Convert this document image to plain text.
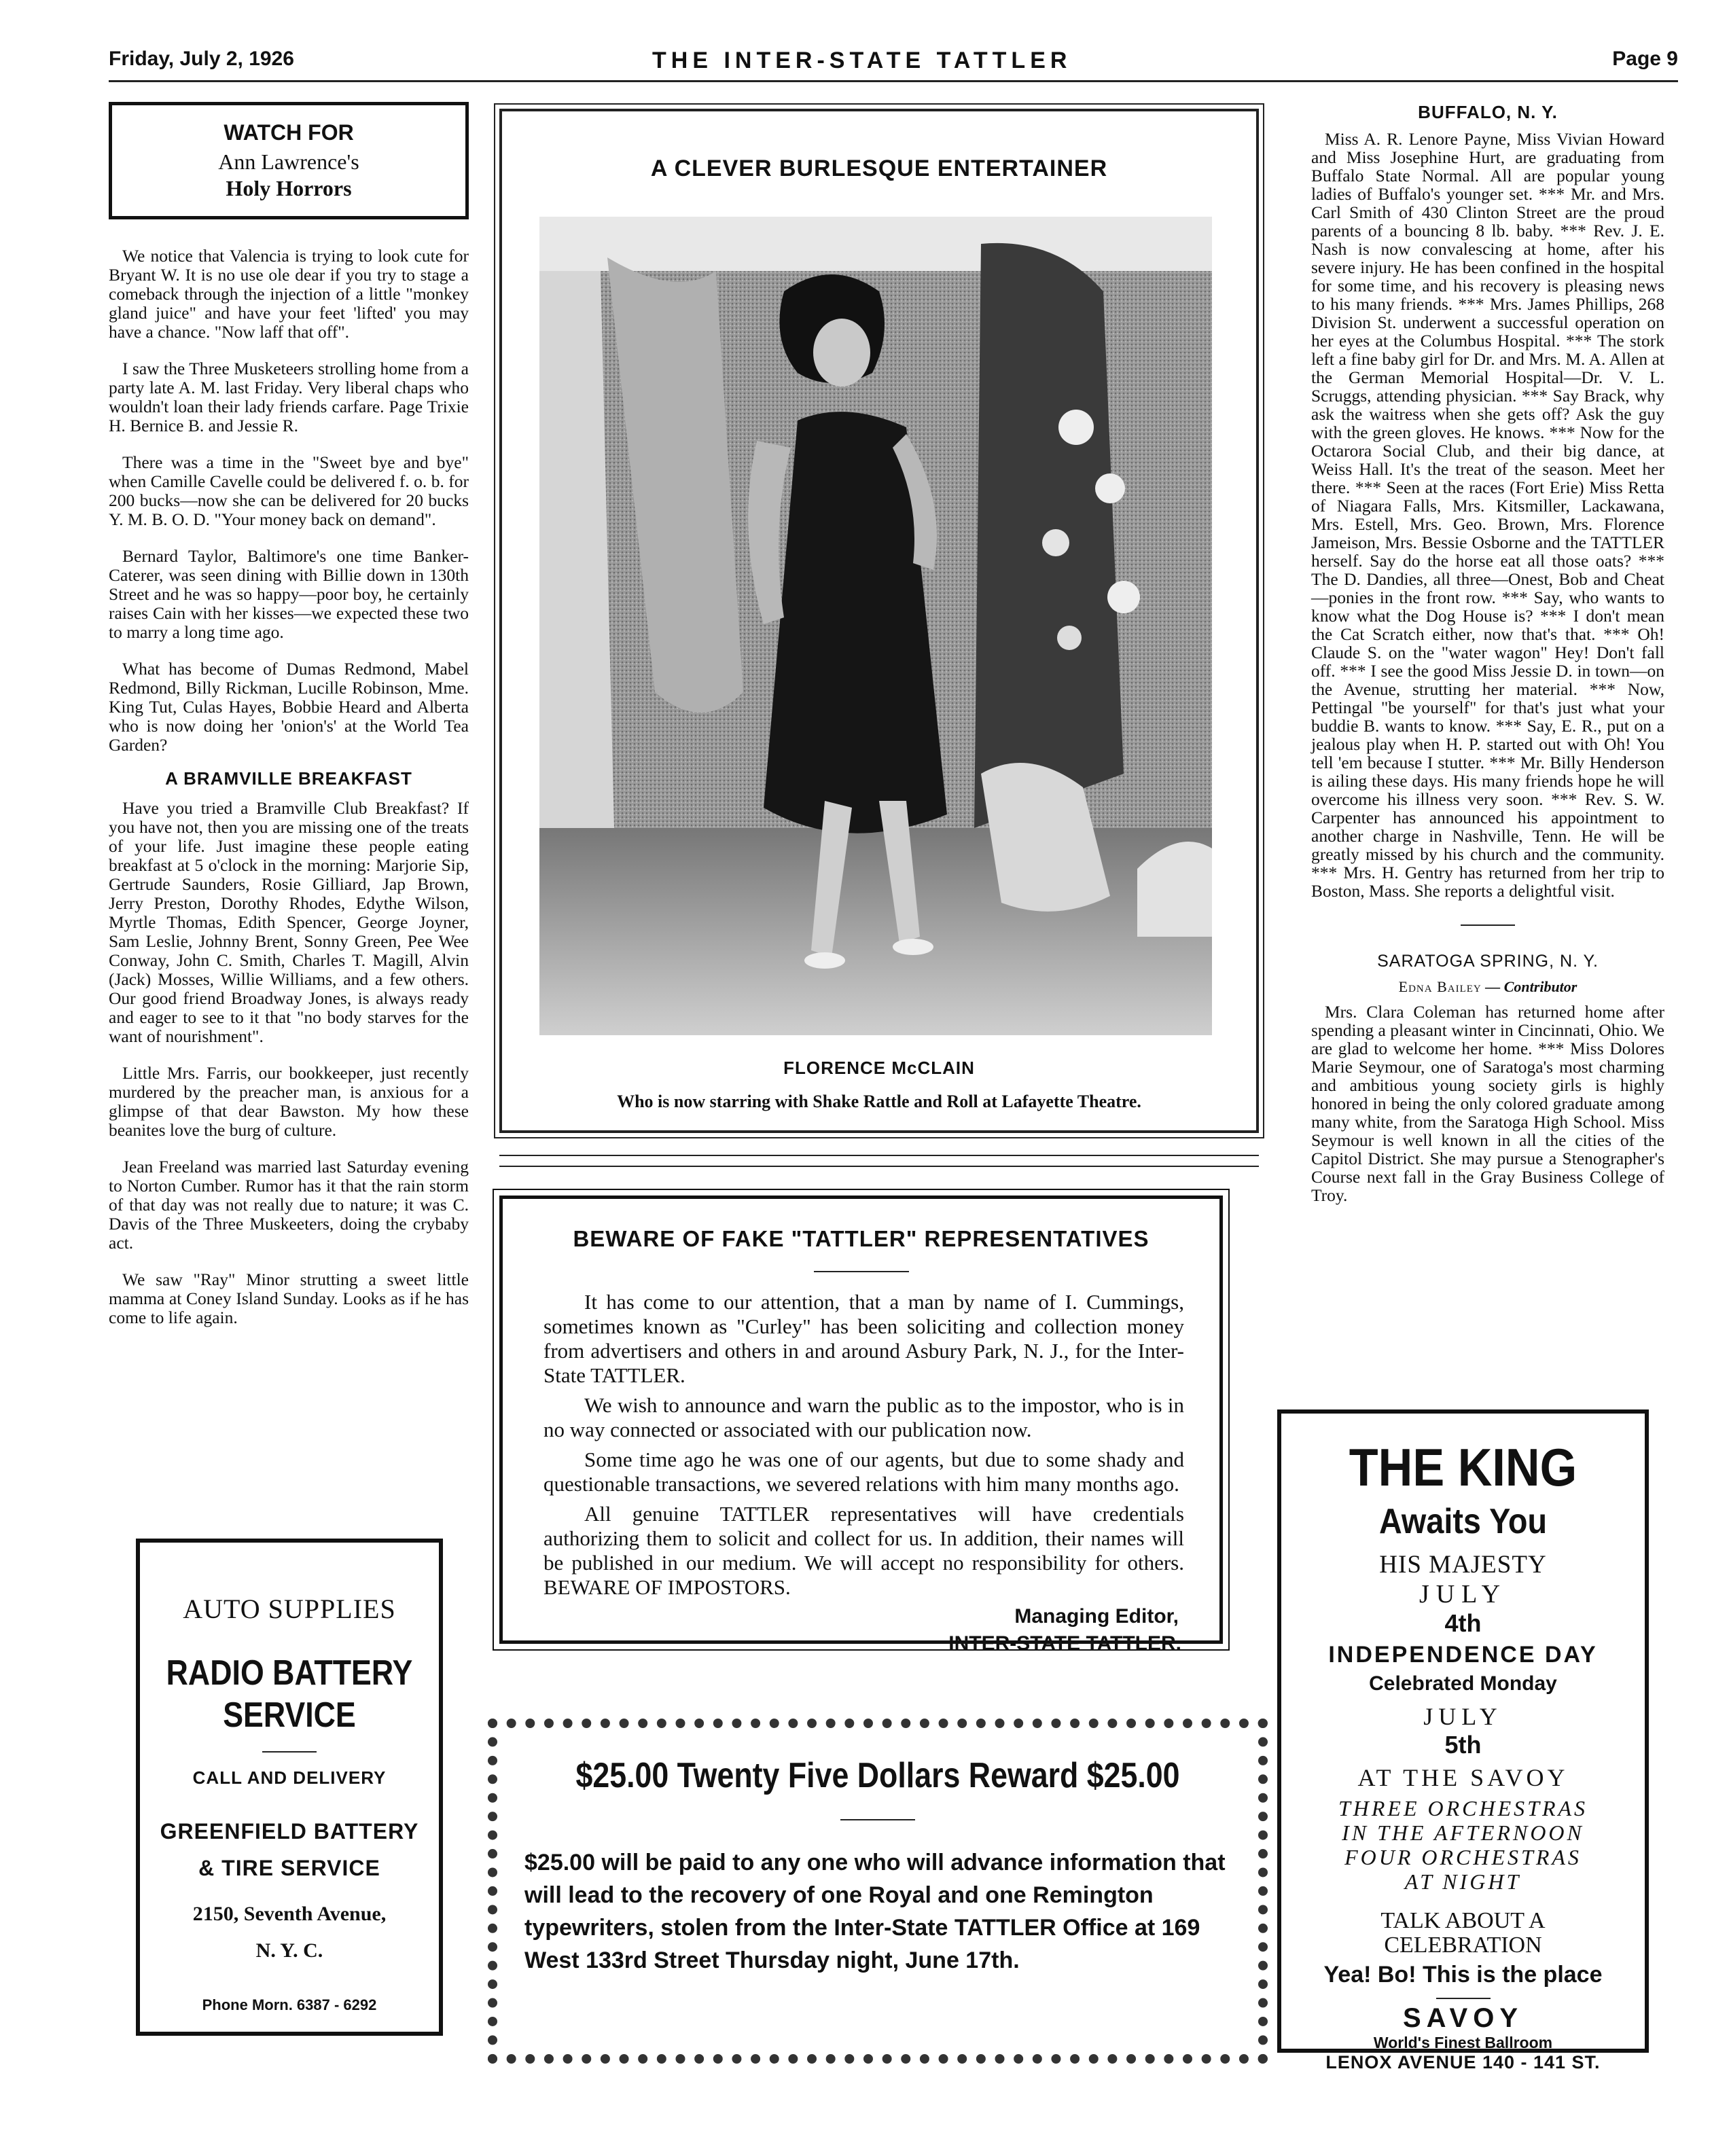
Friday, July 2, 1926	THE INTER-STATE TATTLER	Page 9
WATCH FOR
Ann Lawrence's
Holy Horrors

We notice that Valencia is trying to look cute for Bryant W. It is no use ole dear if you try to stage a comeback through the injection of a little "monkey gland juice" and have your feet 'lifted' you may have a chance. "Now laff that off".

I saw the Three Musketeers strolling home from a party late A. M. last Friday. Very liberal chaps who wouldn't loan their lady friends carfare. Page Trixie H. Bernice B. and Jessie R.

There was a time in the "Sweet bye and bye" when Camille Cavelle could be delivered f. o. b. for 200 bucks—now she can be delivered for 20 bucks Y. M. B. O. D. "Your money back on demand".

Bernard Taylor, Baltimore's one time Banker-Caterer, was seen dining with Billie down in 130th Street and he was so happy—poor boy, he certainly raises Cain with her kisses—we expected these two to marry a long time ago.

What has become of Dumas Redmond, Mabel Redmond, Billy Rickman, Lucille Robinson, Mme. King Tut, Culas Hayes, Bobbie Heard and Alberta who is now doing her 'onion's' at the World Tea Garden?

A BRAMVILLE BREAKFAST

Have you tried a Bramville Club Breakfast? If you have not, then you are missing one of the treats of your life. Just imagine these people eating breakfast at 5 o'clock in the morning: Marjorie Sip, Gertrude Saunders, Rosie Gilliard, Jap Brown, Jerry Preston, Dorothy Rhodes, Edythe Wilson, Myrtle Thomas, Edith Spencer, George Joyner, Sam Leslie, Johnny Brent, Sonny Green, Pee Wee Conway, John C. Smith, Charles T. Magill, Alvin (Jack) Mosses, Willie Williams, and a few others. Our good friend Broadway Jones, is always ready and eager to see to it that "no body starves for the want of nourishment".

Little Mrs. Farris, our bookkeeper, just recently murdered by the preacher man, is anxious for a glimpse of that dear Bawston. My how these beanites love the burg of culture.

Jean Freeland was married last Saturday evening to Norton Cumber. Rumor has it that the rain storm of that day was not really due to nature; it was C. Davis of the Three Muskeeters, doing the crybaby act.

We saw "Ray" Minor strutting a sweet little mamma at Coney Island Sunday. Looks as if he has come to life again.

AUTO SUPPLIES
RADIO BATTERY
SERVICE
CALL AND DELIVERY
GREENFIELD BATTERY
& TIRE SERVICE
2150, Seventh Avenue,
N. Y. C.
Phone Morn. 6387 - 6292
A CLEVER BURLESQUE ENTERTAINER
FLORENCE McCLAIN
Who is now starring with Shake Rattle and Roll at Lafayette Theatre.
BEWARE OF FAKE "TATTLER" REPRESENTATIVES

It has come to our attention, that a man by name of I. Cummings, sometimes known as "Curley" has been soliciting and collection money from advertisers and others in and around Asbury Park, N. J., for the Inter-State TATTLER.

We wish to announce and warn the public as to the impostor, who is in no way connected or associated with our publication now.

Some time ago he was one of our agents, but due to some shady and questionable transactions, we severed relations with him many months ago.

All genuine TATTLER representatives will have credentials authorizing them to solicit and collect for us. In addition, their names will be published in our medium. We will accept no responsibility for others. BEWARE OF IMPOSTORS.

Managing Editor,
INTER-STATE TATTLER.
$25.00 Twenty Five Dollars Reward $25.00
$25.00 will be paid to any one who will advance information that will lead to the recovery of one Royal and one Remington typewriters, stolen from the Inter-State TATTLER Office at 169 West 133rd Street Thursday night, June 17th.
BUFFALO, N. Y.

Miss A. R. Lenore Payne, Miss Vivian Howard and Miss Josephine Hurt, are graduating from Buffalo State Normal. All are popular young ladies of Buffalo's younger set. *** Mr. and Mrs. Carl Smith of 430 Clinton Street are the proud parents of a bouncing 8 lb. baby. *** Rev. J. E. Nash is now convalescing at home, after his severe injury. He has been confined in the hospital for some time, and his recovery is pleasing news to his many friends. *** Mrs. James Phillips, 268 Division St. underwent a successful operation on her eyes at the Columbus Hospital. *** The stork left a fine baby girl for Dr. and Mrs. M. A. Allen at the German Memorial Hospital—Dr. V. L. Scruggs, attending physician. *** Say Brack, why ask the waitress when she gets off? Ask the guy with the green gloves. He knows. *** Now for the Octarora Social Club, and their big dance, at Weiss Hall. It's the treat of the season. Meet her there. *** Seen at the races (Fort Erie) Miss Retta of Niagara Falls, Mrs. Kitsmiller, Lackawana, Mrs. Estell, Mrs. Geo. Brown, Mrs. Florence Jameison, Mrs. Bessie Osborne and the TATTLER herself. Say do the horse eat all those oats? *** The D. Dandies, all three—Onest, Bob and Cheat—ponies in the front row. *** Say, who wants to know what the Dog House is? *** I don't mean the Cat Scratch either, now that's that. *** Oh! Claude S. on the "water wagon" Hey! Don't fall off. *** I see the good Miss Jessie D. in town—on the Avenue, strutting her material. *** Now, Pettingal "be yourself" for that's just what your buddie B. wants to know. *** Say, E. R., put on a jealous play when H. P. started out with Oh! You tell 'em because I stutter. *** Mr. Billy Henderson is ailing these days. His many friends hope he will overcome his illness very soon. *** Rev. S. W. Carpenter has announced his appointment to another charge in Nashville, Tenn. He will be greatly missed by his church and the community. *** Mrs. H. Gentry has returned from her trip to Boston, Mass. She reports a delightful visit.

SARATOGA SPRING, N. Y.
Edna Bailey — Contributor

Mrs. Clara Coleman has returned home after spending a pleasant winter in Cincinnati, Ohio. We are glad to welcome her home. *** Miss Dolores Marie Seymour, one of Saratoga's most charming and ambitious young society girls is highly honored in being the only colored graduate among many white, from the Saratoga High School. Miss Seymour is well known in all the cities of the Capitol District. She may pursue a Stenographer's Course next fall in the Gray Business College of Troy.

THE KING
Awaits You
HIS MAJESTY
JULY
4th
INDEPENDENCE DAY
Celebrated Monday
JULY
5th
AT THE SAVOY
THREE ORCHESTRAS
IN THE AFTERNOON
FOUR ORCHESTRAS
AT NIGHT
TALK ABOUT A
CELEBRATION
Yea! Bo! This is the place
SAVOY
World's Finest Ballroom
LENOX AVENUE 140 - 141 ST.
